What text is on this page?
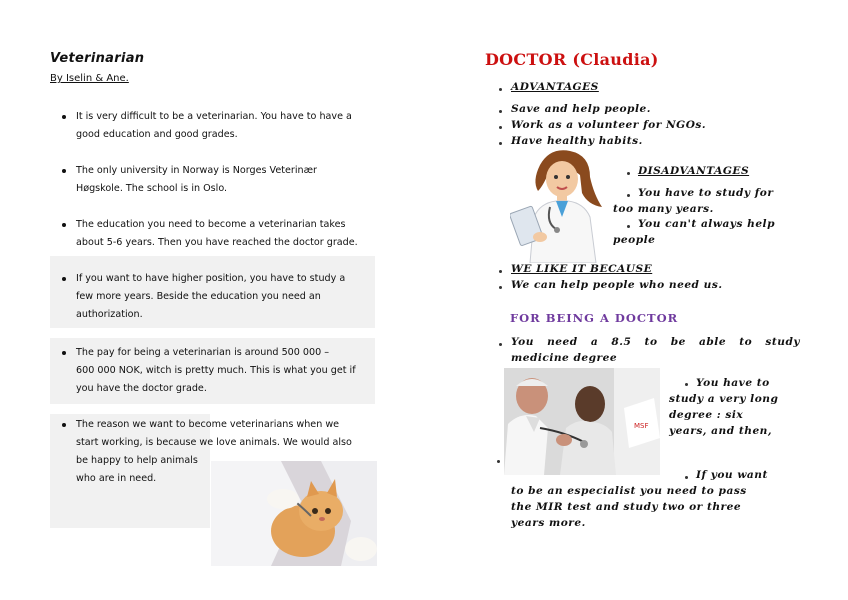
Veterinarian
By Iselin & Ane.
It is very difficult to be a veterinarian. You have to have a
good education and good grades.
The only university in Norway is Norges Veterinær
Høgskole. The school is in Oslo.
The education you need to become a veterinarian takes
about 5-6 years. Then you have reached the doctor grade.
If you want to have higher position, you have to study a
few more years. Beside the education you need an
authorization.
The pay for being a veterinarian is around 500 000 –
600 000 NOK, witch is pretty much. This is what you get if
you have the doctor grade.
The reason we want to become veterinarians when we
start working, is because we love animals. We would also
be happy to help animals
who are in need.
DOCTOR (Claudia)
ADVANTAGES
Save and help people.
Work as a volunteer for NGOs.
Have healthy habits.
DISADVANTAGES
You have to study for
too many years.
You can't always help
people
WE LIKE IT BECAUSE
We can help people who need us.
FOR BEING A DOCTOR
You need a 8.5 to be able to study
medicine degree
You have to
study a very long
degree : six
years, and then,
If you want
to be an especialist you need to pass
the MIR test and study two or three
years more.
MSF
